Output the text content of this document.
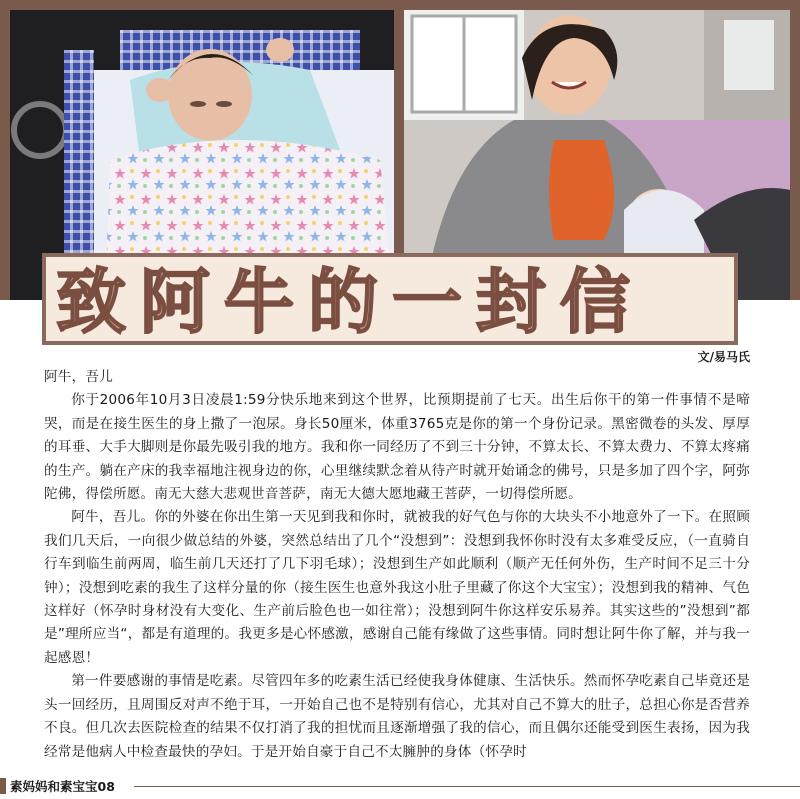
致阿牛的一封信
文/易马氏

阿牛，吾儿

你于2006年10月3日凌晨1:59分快乐地来到这个世界，比预期提前了七天。出生后你干的第一件事情不是啼哭，而是在接生医生的身上撒了一泡尿。身长50厘米，体重3765克是你的第一个身份记录。黑密微卷的头发、厚厚的耳垂、大手大脚则是你最先吸引我的地方。我和你一同经历了不到三十分钟，不算太长、不算太费力、不算太疼痛的生产。躺在产床的我幸福地注视身边的你，心里继续默念着从待产时就开始诵念的佛号，只是多加了四个字，阿弥陀佛，得偿所愿。南无大慈大悲观世音菩萨，南无大德大愿地藏王菩萨，一切得偿所愿。

阿牛，吾儿。你的外婆在你出生第一天见到我和你时，就被我的好气色与你的大块头不小地意外了一下。在照顾我们几天后，一向很少做总结的外婆，突然总结出了几个“没想到”：没想到我怀你时没有太多难受反应，（一直骑自行车到临生前两周，临生前几天还打了几下羽毛球）；没想到生产如此顺利（顺产无任何外伤，生产时间不足三十分钟）；没想到吃素的我生了这样分量的你（接生医生也意外我这小肚子里藏了你这个大宝宝）；没想到我的精神、气色这样好（怀孕时身材没有大变化、生产前后脸色也一如往常）；没想到阿牛你这样安乐易养。其实这些的”没想到”都是”理所应当“，都是有道理的。我更多是心怀感激，感谢自己能有缘做了这些事情。同时想让阿牛你了解，并与我一起感恩！

第一件要感谢的事情是吃素。尽管四年多的吃素生活已经使我身体健康、生活快乐。然而怀孕吃素自己毕竟还是头一回经历，且周围反对声不绝于耳，一开始自己也不是特别有信心，尤其对自己不算大的肚子，总担心你是否营养不良。但几次去医院检查的结果不仅打消了我的担忧而且逐渐增强了我的信心，而且偶尔还能受到医生表扬，因为我经常是他病人中检查最快的孕妇。于是开始自豪于自己不太臃肿的身体（怀孕时

素妈妈和素宝宝08
